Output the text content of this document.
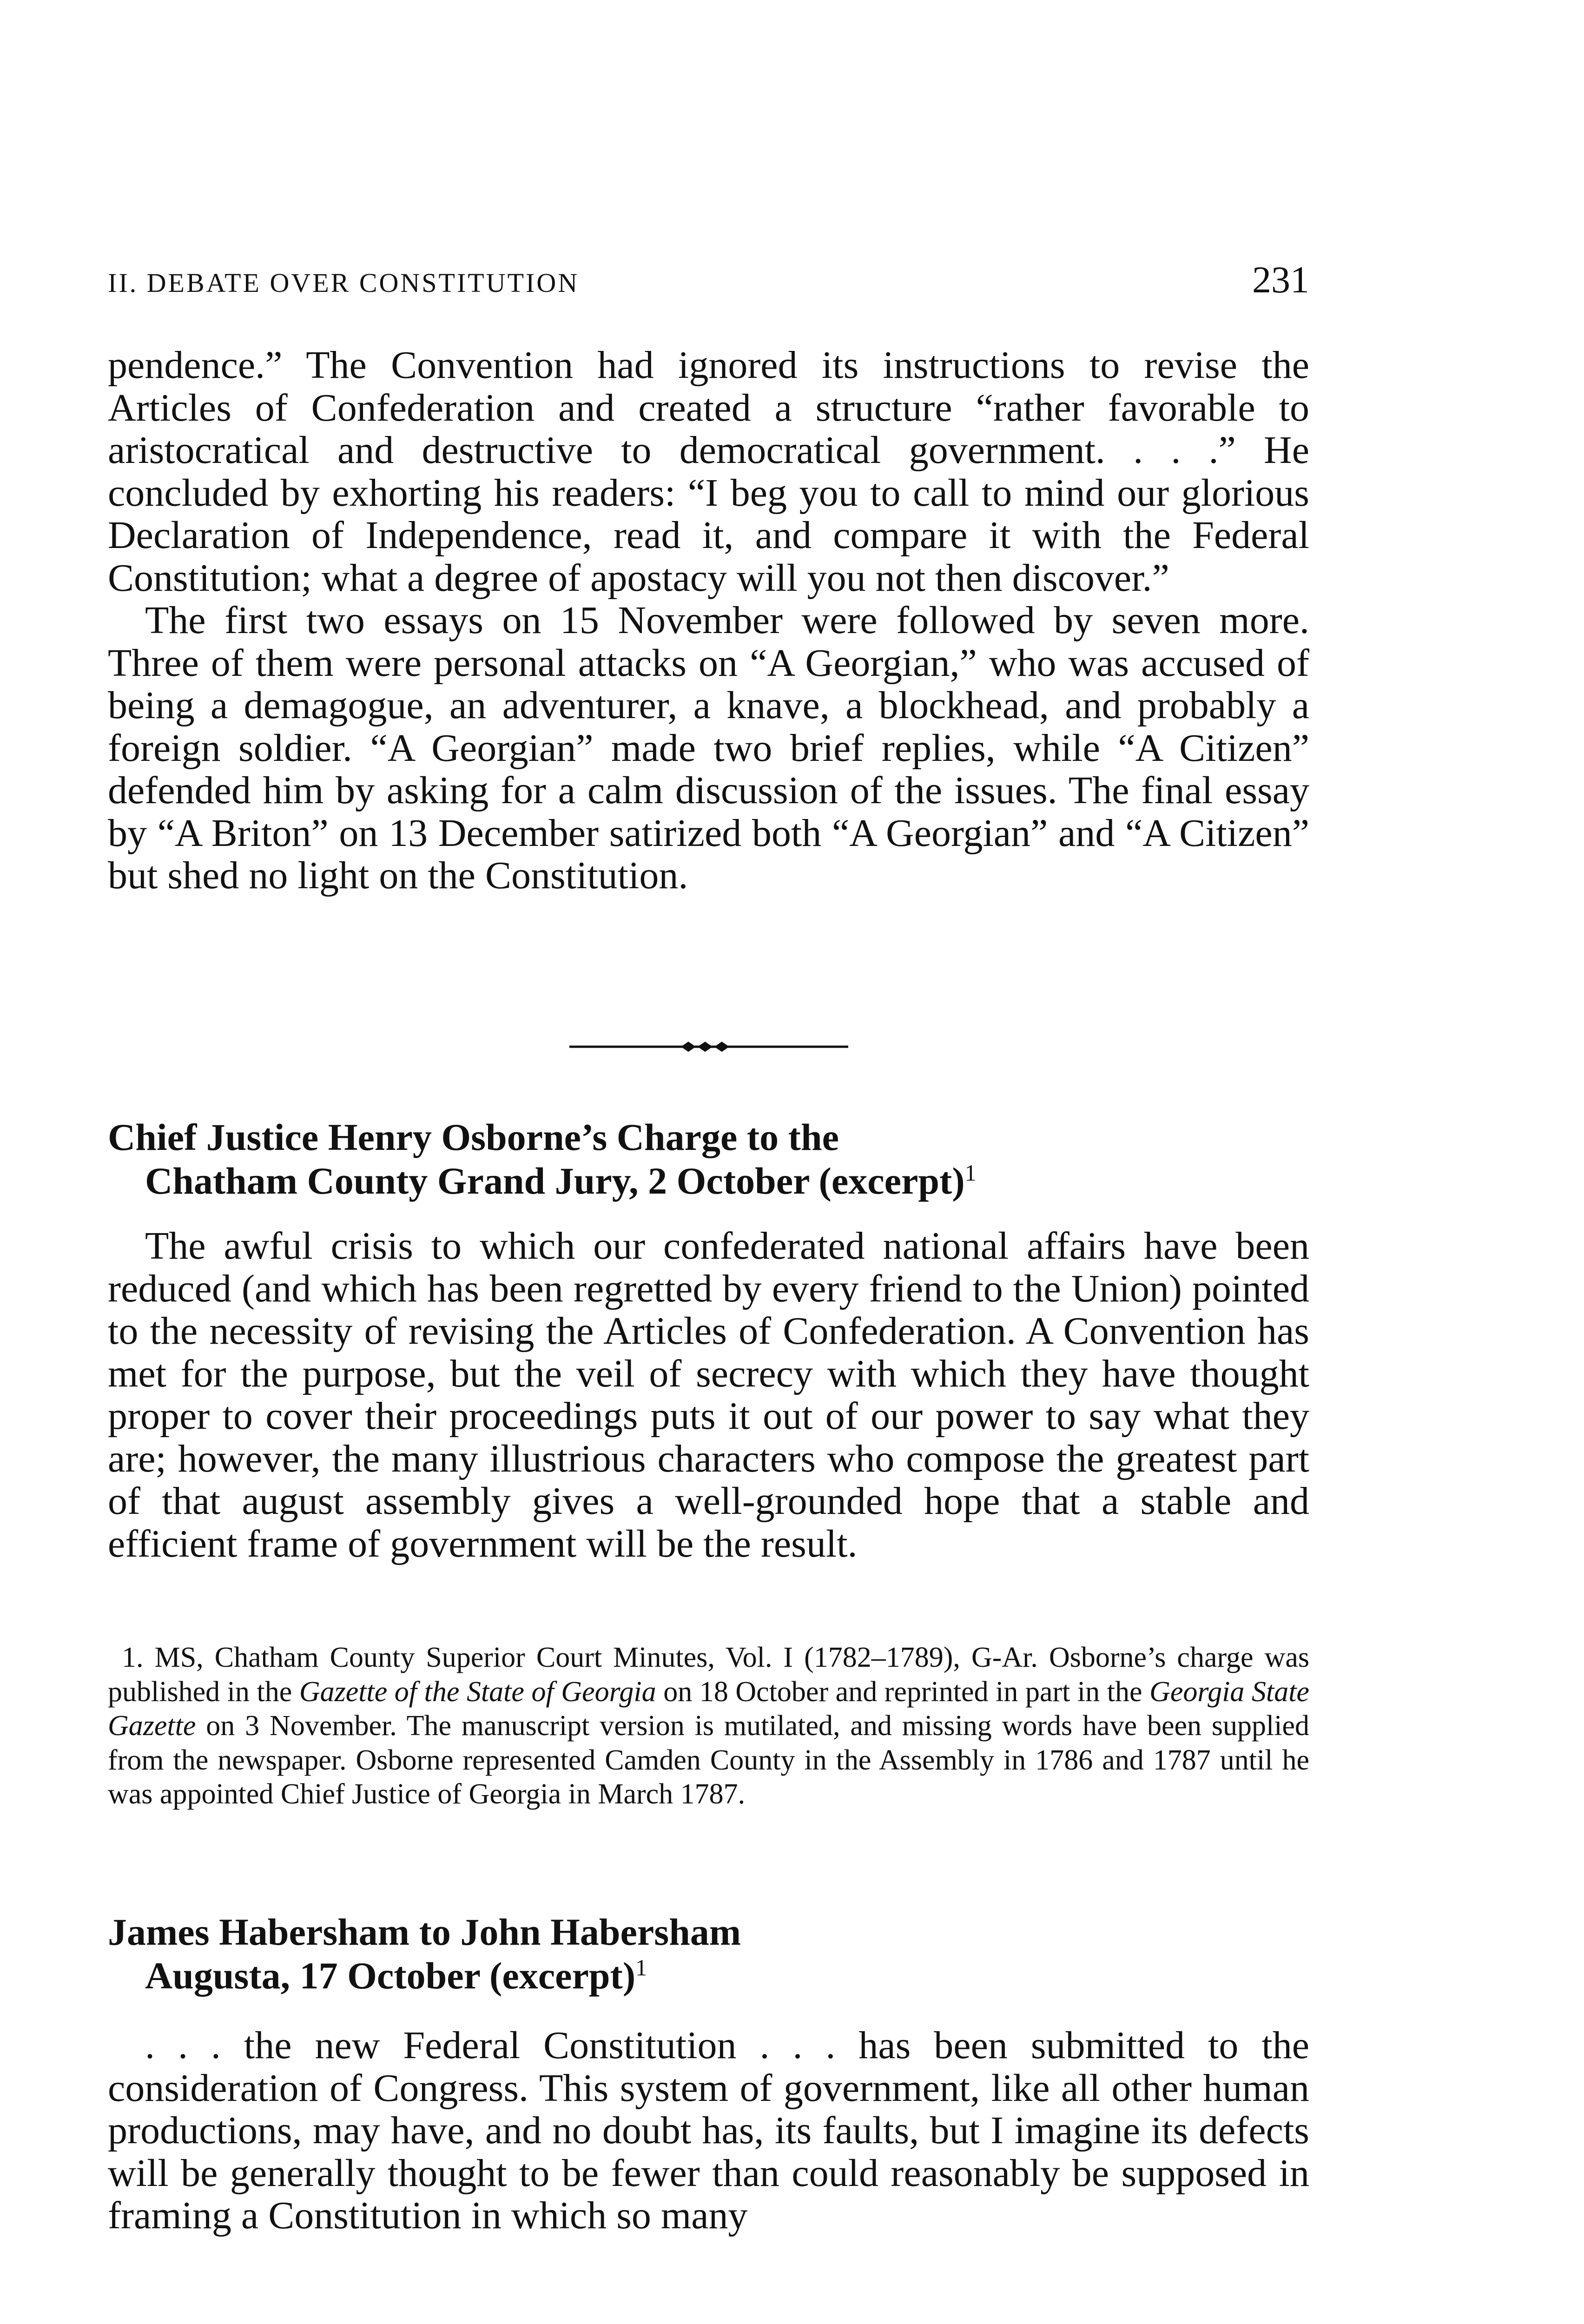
II. DEBATE OVER CONSTITUTION	231

pendence.” The Convention had ignored its instructions to revise the Articles of Confederation and created a structure “rather favorable to aristocratical and destructive to democratical government. . . .” He concluded by exhorting his readers: “I beg you to call to mind our glorious Declaration of Independence, read it, and compare it with the Federal Constitution; what a degree of apostacy will you not then discover.”

The first two essays on 15 November were followed by seven more. Three of them were personal attacks on “A Georgian,” who was accused of being a demagogue, an adventurer, a knave, a blockhead, and probably a foreign soldier. “A Georgian” made two brief replies, while “A Citizen” defended him by asking for a calm discussion of the issues. The final essay by “A Briton” on 13 December satirized both “A Georgian” and “A Citizen” but shed no light on the Constitution.

Chief Justice Henry Osborne’s Charge to the
Chatham County Grand Jury, 2 October (excerpt)$^1$

The awful crisis to which our confederated national affairs have been reduced (and which has been regretted by every friend to the Union) pointed to the necessity of revising the Articles of Confederation. A Convention has met for the purpose, but the veil of secrecy with which they have thought proper to cover their proceedings puts it out of our power to say what they are; however, the many illustrious characters who compose the greatest part of that august assembly gives a well-grounded hope that a stable and efficient frame of government will be the result.

1. MS, Chatham County Superior Court Minutes, Vol. I (1782–1789), G-Ar. Osborne’s charge was published in the Gazette of the State of Georgia on 18 October and reprinted in part in the Georgia State Gazette on 3 November. The manuscript version is mutilated, and missing words have been supplied from the newspaper. Osborne represented Camden County in the Assembly in 1786 and 1787 until he was appointed Chief Justice of Georgia in March 1787.

James Habersham to John Habersham
Augusta, 17 October (excerpt)$^1$

. . . the new Federal Constitution . . . has been submitted to the consideration of Congress. This system of government, like all other human productions, may have, and no doubt has, its faults, but I imagine its defects will be generally thought to be fewer than could reasonably be supposed in framing a Constitution in which so many
